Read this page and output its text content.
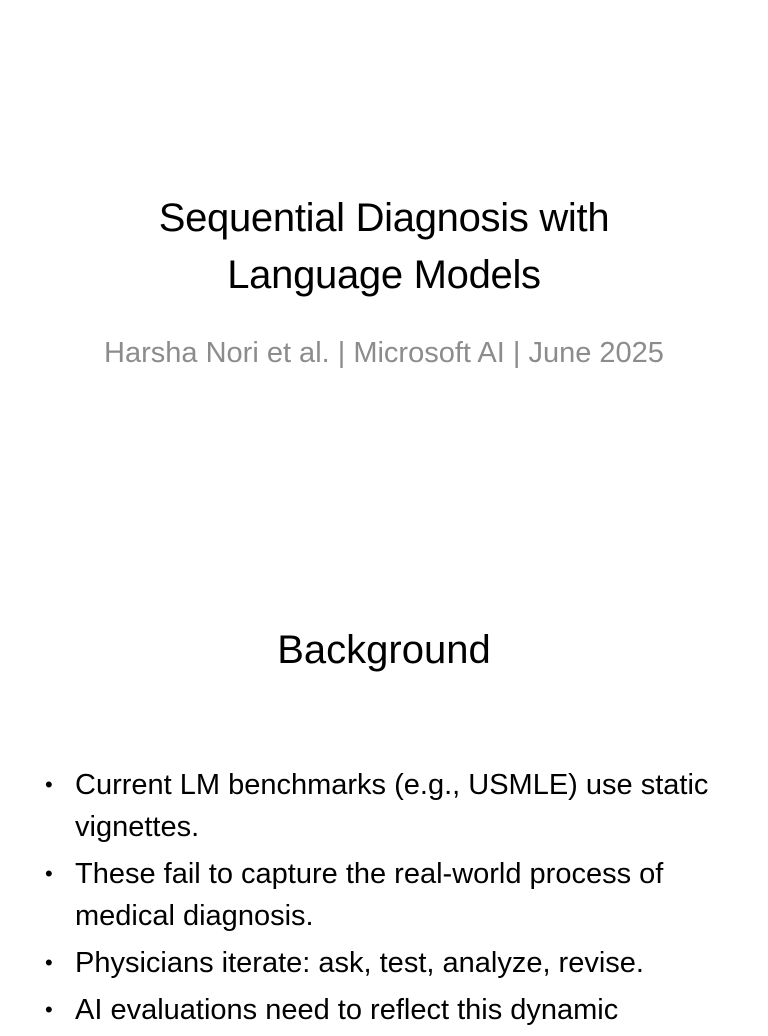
Sequential Diagnosis with Language Models
Harsha Nori et al. | Microsoft AI | June 2025
Background
• Current LM benchmarks (e.g., USMLE) use static vignettes.
• These fail to capture the real-world process of medical diagnosis.
• Physicians iterate: ask, test, analyze, revise.
• AI evaluations need to reflect this dynamic
